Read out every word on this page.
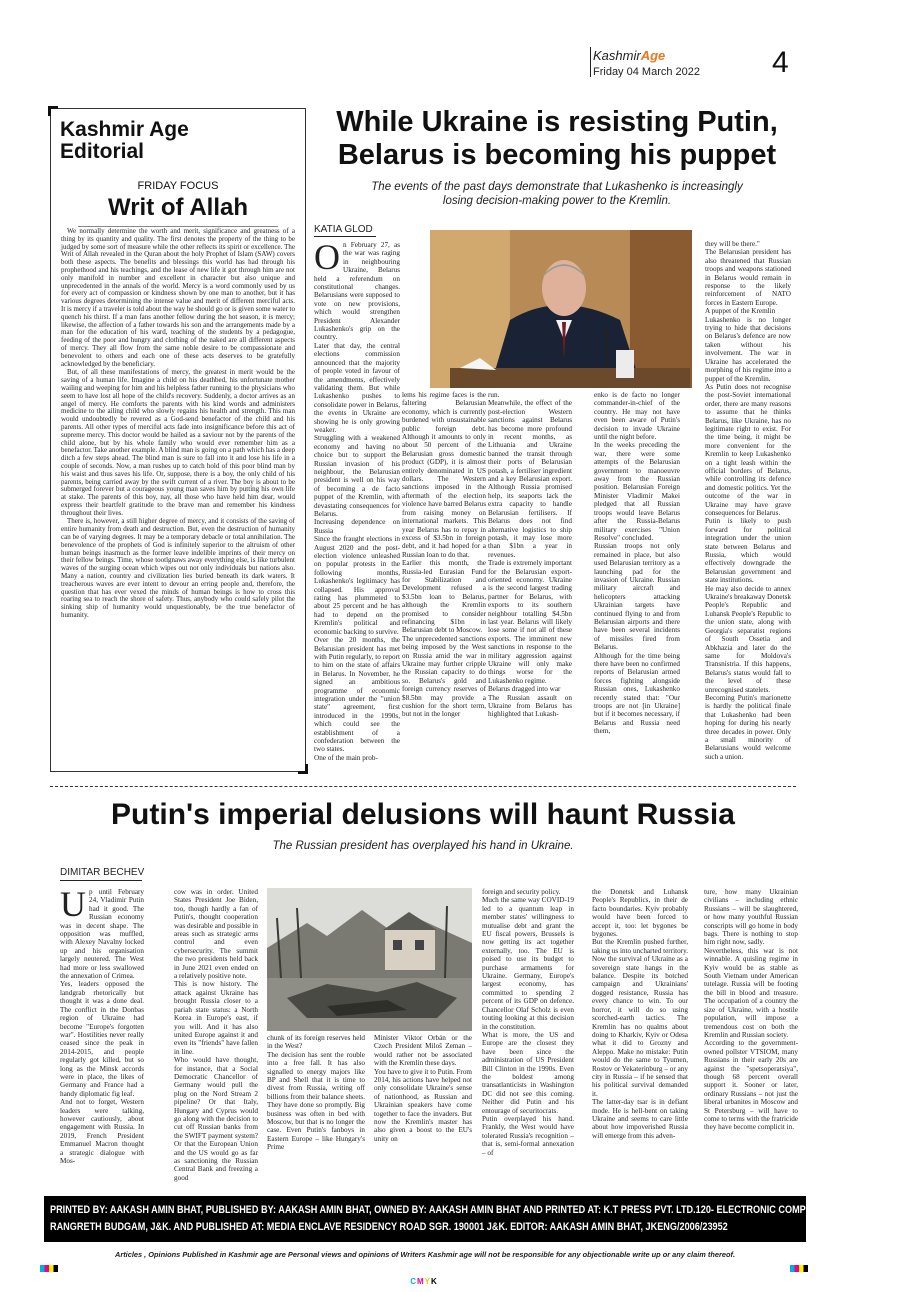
KashmirAge
Friday 04 March 2022 4
Kashmir Age
Editorial
FRIDAY FOCUS
Writ of Allah

We normally determine the worth and merit, significance and greatness of a thing by its quantity and quality. The first denotes the property of the thing to be judged by some sort of measure while the other reflects its spirit or excellence. The Writ of Allah revealed in the Quran about the holy Prophet of Islam (SAW) covers both these aspects. The benefits and blessings this world has had through his prophethood and his teachings, and the lease of new life it got through him are not only manifold in number and excellent in character but also unique and unprecedented in the annals of the world. Mercy is a word commonly used by us for every act of compassion or kindness shown by one man to another, but it has various degrees determining the intense value and merit of different merciful acts. It is mercy if a traveler is told about the way he should go or is given some water to quench his thirst. If a man fans another fellow during the hot season, it is mercy; likewise, the affection of a father towards his son and the arrangements made by a man for the education of his ward, teaching of the students by a pedagogue, feeding of the poor and hungry and clothing of the naked are all different aspects of mercy. They all flow from the same noble desire to be compassionate and benevolent to others and each one of these acts deserves to be gratefully acknowledged by the beneficiary.

But, of all these manifestations of mercy, the greatest in merit would be the saving of a human life. Imagine a child on his deathbed, his unfortunate mother wailing and weeping for him and his helpless father running to the physicians who seem to have lost all hope of the child's recovery. Suddenly, a doctor arrives as an angel of mercy. He comforts the parents with his kind words and administers medicine to the ailing child who slowly regains his health and strength. This man would undoubtedly be revered as a God-send benefactor of the child and his parents. All other types of merciful acts fade into insignificance before this act of supreme mercy. This doctor would be hailed as a saviour not by the parents of the child alone, but by his whole family who would ever remember him as a benefactor. Take another example. A blind man is going on a path which has a deep ditch a few steps ahead. The blind man is sure to fall into it and lose his life in a couple of seconds. Now, a man rushes up to catch hold of this poor blind man by his waist and thus saves his life. Or, suppose, there is a boy, the only child of his parents, being carried away by the swift current of a river. The boy is about to be submerged forever but a courageous young man saves him by putting his own life at stake. The parents of this boy, nay, all those who have held him dear, would express their heartfelt gratitude to the brave man and remember his kindness throughout their lives.

There is, however, a still higher degree of mercy, and it consists of the saving of entire humanity from death and destruction. But, even the destruction of humanity can be of varying degrees. It may be a temporary debacle or total annihilation. The benevolence of the prophets of God is infinitely superior to the altruism of other human beings inasmuch as the former leave indelible imprints of their mercy on their fellow beings. Time, whose tootlgnaws away everything else, is like turbulent waves of the surging ocean which wipes out not only individuals but nations also. Many a nation, country and civilization lies buried beneath its dark waters. It treacherous waves are ever intent to devour an erring people and, therefore, the question that has ever vexed the minds of human beings is how to cross this roaring sea to reach the shore of safety. Thus, anybody who could safely pilot the sinking ship of humanity would unquestionably, be the true benefactor of humanity.

While Ukraine is resisting Putin,
Belarus is becoming his puppet
The events of the past days demonstrate that Lukashenko is increasingly
losing decision-making power to the Kremlin.
KATIA GLOD
On February 27, as the war was raging in neighbouring Ukraine, Belarus held a referendum on constitutional changes. Belarusians were supposed to vote on new provisions, which would strengthen President Alexander Lukashenko's grip on the country.
Later that day, the central elections commission announced that the majority of people voted in favour of the amendments, effectively validating them. But while Lukashenko pushes to consolidate power in Belarus, the events in Ukraine are showing he is only growing weaker.
Struggling with a weakened economy and having no choice but to support the Russian invasion of his neighbour, the Belarusian president is well on his way of becoming a de facto puppet of the Kremlin, with devastating consequences for Belarus.
Increasing dependence on Russia
Since the fraught elections in August 2020 and the post-election violence unleashed on popular protests in the following months, Lukashenko's legitimacy has collapsed. His approval rating has plummeted to about 25 percent and he has had to depend on the Kremlin's political and economic backing to survive.
Over the 20 months, the Belarusian president has met with Putin regularly, to report to him on the state of affairs in Belarus. In November, he signed an ambitious programme of economic integration under the "union state" agreement, first introduced in the 1990s, which could see the establishment of a confederation between the two states.
One of the main prob-
lems his regime faces is the faltering Belarusian economy, which is currently burdened with unsustainable public foreign debt. Although it amounts to only about 50 percent of the Belarusian gross domestic product (GDP), it is almost entirely denominated in US dollars. The Western sanctions imposed in the aftermath of the election violence have barred Belarus from raising money on international markets. This year Belarus has to repay in excess of $3.5bn in foreign debt, and it had hoped for a Russian loan to do that.
Earlier this month, the Russia-led Eurasian Fund for Stabilization and Development refused a $3.5bn loan to Belarus, although the Kremlin promised to consider refinancing $1bn in Belarusian debt to Moscow.
The unprecedented sanctions being imposed by the West on Russia amid the war in Ukraine may further cripple the Russian capacity to do so. Belarus's gold and foreign currency reserves of $8.5bn may provide a cushion for the short term, but not in the longer
run.
Meanwhile, the effect of the post-election Western sanctions against Belarus has become more profound in recent months, as Lithuania and Ukraine banned the transit through their ports of Belarusian potash, a fertiliser ingredient and a key Belarusian export. Although Russia promised help, its seaports lack the extra capacity to handle Belarusian fertilisers. If Belarus does not find alternative logistics to ship potash, it may lose more than $1bn a year in revenues.
Trade is extremely important for the Belarusian export-oriented economy. Ukraine is the second largest trading partner for Belarus, with exports to its southern neighbour totalling $4.5bn last year. Belarus will likely lose some if not all of these exports. The imminent new sanctions in response to the military aggression against Ukraine will only make things worse for the Lukashenko regime.
Belarus dragged into war
The Russian assault on Ukraine from Belarus has highlighted that Lukash-
enko is de facto no longer commander-in-chief of the country. He may not have even been aware of Putin's decision to invade Ukraine until the night before.
In the weeks preceding the war, there were some attempts of the Belarusian government to manoeuvre away from the Russian position. Belarusian Foreign Minister Vladimir Makei pledged that all Russian troops would leave Belarus after the Russia-Belarus military exercises "Union Resolve" concluded.
Russian troops not only remained in place, but also used Belarusian territory as a launching pad for the invasion of Ukraine. Russian military aircraft and helicopters attacking Ukrainian targets have continued flying to and from Belarusian airports and there have been several incidents of missiles fired from Belarus.
Although for the time being there have been no confirmed reports of Belarusian armed forces fighting alongside Russian ones, Lukashenko recently stated that: "Our troops are not [in Ukraine] but if it becomes necessary, if Belarus and Russia need them,
they will be there."
The Belarusian president has also threatened that Russian troops and weapons stationed in Belarus would remain in response to the likely reinforcement of NATO forces in Eastern Europe.
A puppet of the Kremlin
Lukashenko is no longer trying to hide that decisions on Belarus's defence are now taken without his involvement. The war in Ukraine has accelerated the morphing of his regime into a puppet of the Kremlin.
As Putin does not recognise the post-Soviet international order, there are many reasons to assume that he thinks Belarus, like Ukraine, has no legitimate right to exist. For the time being, it might be more convenient for the Kremlin to keep Lukashenko on a tight leash within the official borders of Belarus, while controlling its defence and domestic politics. Yet the outcome of the war in Ukraine may have grave consequences for Belarus.
Putin is likely to push forward for political integration under the union state between Belarus and Russia, which would effectively downgrade the Belarusian government and state institutions.
He may also decide to annex Ukraine's breakaway Donetsk People's Republic and Luhansk People's Republic to the union state, along with Georgia's separatist regions of South Ossetia and Abkhazia and later do the same for Moldova's Transnistria. If this happens, Belarus's status would fall to the level of these unrecognised statelets.
Becoming Putin's marionette is hardly the political finale that Lukashenko had been hoping for during his nearly three decades in power. Only a small minority of Belarusians would welcome such a union.
Putin's imperial delusions will haunt Russia
The Russian president has overplayed his hand in Ukraine.
DIMITAR BECHEV
Up until February 24, Vladimir Putin had it good. The Russian economy was in decent shape. The opposition was muffled, with Alexey Navalny locked up and his organisation largely neutered. The West had more or less swallowed the annexation of Crimea.
Yes, leaders opposed the landgrab rhetorically but thought it was a done deal. The conflict in the Donbas region of Ukraine had become "Europe's forgotten war". Hostilities never really ceased since the peak in 2014-2015, and people regularly got killed, but so long as the Minsk accords were in place, the likes of Germany and France had a handy diplomatic fig leaf.
And not to forget, Western leaders were talking, however cautiously, about engagement with Russia. In 2019, French President Emmanuel Macron thought a strategic dialogue with Mos-
cow was in order. United States President Joe Biden, too, though hardly a fan of Putin's, thought cooperation was desirable and possible in areas such as strategic arms control and even cybersecurity. The summit the two presidents held back in June 2021 even ended on a relatively positive note.
This is now history. The attack against Ukraine has brought Russia closer to a pariah state status: a North Korea in Europe's east, if you will. And it has also united Europe against it and even its "friends" have fallen in line.
Who would have thought, for instance, that a Social Democratic Chancellor of Germany would pull the plug on the Nord Stream 2 pipeline? Or that Italy, Hungary and Cyprus would go along with the decision to cut off Russian banks from the SWIFT payment system? Or that the European Union and the US would go as far as sanctioning the Russian Central Bank and freezing a good
chunk of its foreign reserves held in the West?
The decision has sent the rouble into a free fall. It has also signalled to energy majors like BP and Shell that it is time to divest from Russia, writing off billions from their balance sheets. They have done so promptly. Big business was often in bed with Moscow, but that is no longer the case. Even Putin's fanboys in Eastern Europe – like Hungary's Prime
Minister Viktor Orbán or the Czech President Miloš Zeman – would rather not be associated with the Kremlin these days.
You have to give it to Putin. From 2014, his actions have helped not only consolidate Ukraine's sense of nationhood, as Russian and Ukrainian speakers have come together to face the invaders. But now the Kremlin's master has also given a boost to the EU's unity on
foreign and security policy.
Much the same way COVID-19 led to a quantum leap in member states' willingness to mutualise debt and grant the EU fiscal powers, Brussels is now getting its act together externally, too. The EU is poised to use its budget to purchase armaments for Ukraine. Germany, Europe's largest economy, has committed to spending 2 percent of its GDP on defence. Chancellor Olaf Scholz is even touting looking at this decision in the constitution.
What is more, the US and Europe are the closest they have been since the administration of US President Bill Clinton in the 1990s. Even the boldest among transatlanticists in Washington DC did not see this coming. Neither did Putin and his entourage of securitocrats.
Putin overplayed his hand. Frankly, the West would have tolerated Russia's recognition – that is, semi-formal annexation – of
the Donetsk and Luhansk People's Republics, in their de facto boundaries. Kyiv probably would have been forced to accept it, too: let bygones be bygones.
But the Kremlin pushed further, taking us into uncharted territory. Now the survival of Ukraine as a sovereign state hangs in the balance. Despite its botched campaign and Ukrainians' dogged resistance, Russia has every chance to win. To our horror, it will do so using scorched-earth tactics. The Kremlin has no qualms about doing to Kharkiv, Kyiv or Odesa what it did to Grozny and Aleppo. Make no mistake: Putin would do the same to Tyumen, Rostov or Yekaterinburg – or any city in Russia – if he sensed that his political survival demanded it.
The latter-day tsar is in defiant mode. He is hell-bent on taking Ukraine and seems to care little about how impoverished Russia will emerge from this adven-
ture, how many Ukrainian civilians – including ethnic Russians – will be slaughtered, or how many youthful Russian conscripts will go home in body bags. There is nothing to stop him right now, sadly.
Nevertheless, this war is not winnable. A quisling regime in Kyiv would be as stable as South Vietnam under American tutelage. Russia will be footing the bill in blood and treasure. The occupation of a country the size of Ukraine, with a hostile population, will impose a tremendous cost on both the Kremlin and Russian society.
According to the government-owned pollster VTSIOM, many Russians in their early 20s are against the "spetsoperatsiya", though 68 percent overall support it. Sooner or later, ordinary Russians – not just the liberal urbanites in Moscow and St Petersburg – will have to come to terms with the fratricide they have become complicit in.
PRINTED BY: AAKASH AMIN BHAT, PUBLISHED BY: AAKASH AMIN BHAT, OWNED BY: AAKASH AMIN BHAT AND PRINTED AT: K.T PRESS PVT. LTD.120- ELECTRONIC COMPLEX INDUSTRIAL ESTATE
RANGRETH BUDGAM, J&K. AND PUBLISHED AT: MEDIA ENCLAVE RESIDENCY ROAD SGR. 190001 J&K. EDITOR: AAKASH AMIN BHAT, JKENG/2006/23952
Articles , Opinions Published in Kashmir age are Personal views and opinions of Writers Kashmir age will not be responsible for any objectionable write up or any claim thereof.
CMYK
